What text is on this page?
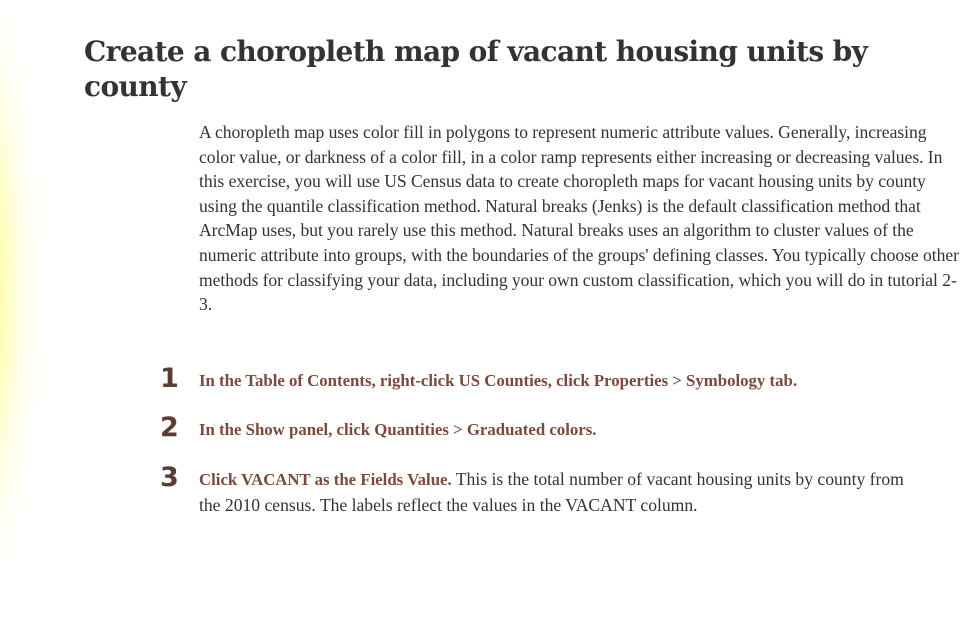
Create a choropleth map of vacant housing units by county

A choropleth map uses color fill in polygons to represent numeric attribute values. Generally, increasing color value, or darkness of a color fill, in a color ramp represents either increasing or decreasing values. In this exercise, you will use US Census data to create choropleth maps for vacant housing units by county using the quantile classification method. Natural breaks (Jenks) is the default classification method that ArcMap uses, but you rarely use this method. Natural breaks uses an algorithm to cluster values of the numeric attribute into groups, with the boundaries of the groups' defining classes. You typically choose other methods for classifying your data, including your own custom classification, which you will do in tutorial 2-3.

1	In the Table of Contents, right-click US Counties, click Properties > Symbology tab.
2	In the Show panel, click Quantities > Graduated colors.
3	Click VACANT as the Fields Value. This is the total number of vacant housing units by county from the 2010 census. The labels reflect the values in the VACANT column.
